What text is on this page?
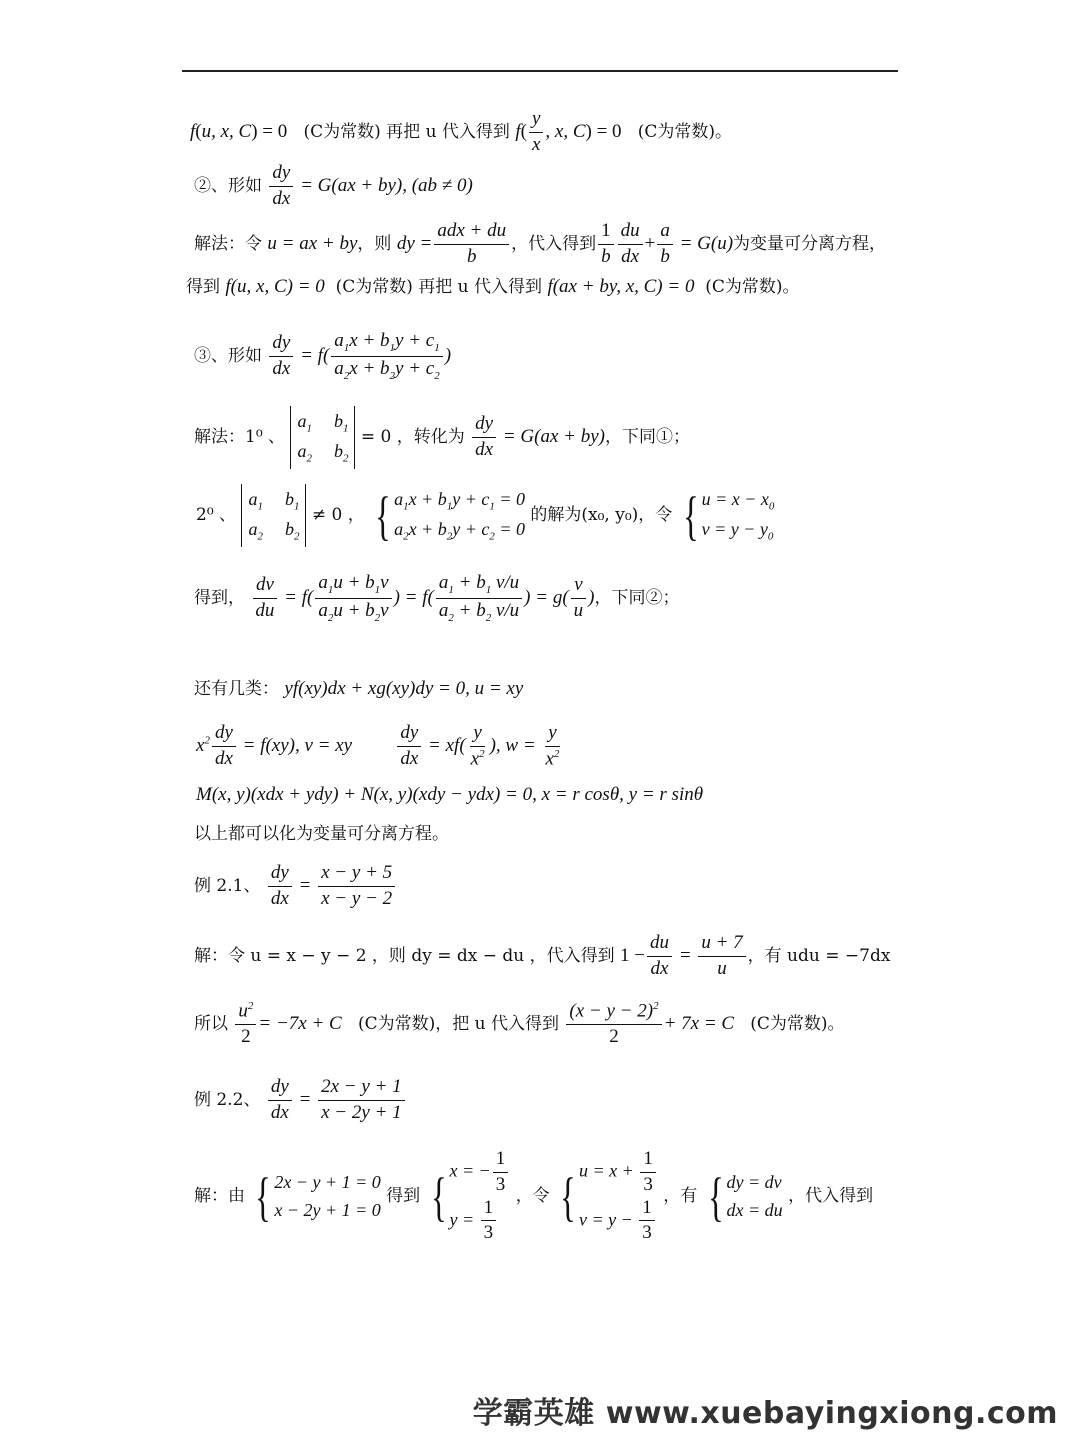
f(u, x, C) = 0 (C为常数) 再把 u 代入得到 $f( \frac{y}{x}$ , x, C) = 0 (C为常数)。
②、形如 $\frac{dy}{dx} = G(ax + by)$, (ab ≠ 0)
解法：令 u = ax + by，则 dy =
adx + du
b
，代入得到 $\frac{1}{b} \frac{du}{dx} + \frac{a}{b} = G(u)$为变量可分离方程，
得到 f(u, x, C) = 0 (C为常数) 再把 u 代入得到 f(ax + by, x, C) = 0 (C为常数)。
③、形如 $\frac{dy}{dx} = f( \frac{a_1x + b_1y + c_1}{a_2x + b_2y + c_2}$ )
解法：1⁰ 、
$a_1$ $b_1$
$a_2$ $b_2$
= 0 ，转化为 $\frac{dy}{dx} = G(ax + by)$，下同①；
2⁰ 、
$a_1$ $b_1$
$a_2$ $b_2$
≠ 0 ， { $a_1x + b_1y + c_1 = 0$
$a_2x + b_2y + c_2 = 0$
的解为(x₀, y₀)，令 { $u = x - x_0$
$v = y - y_0$
得到， $\frac{dv}{du} = f( \frac{a_1u + b_1v}{a_2u + b_2v}$ ) = $f( \frac{a_1 + b_1 v/u}{a_2 + b_2 v/u}$ ) = $g( \frac{v}{u}$ )，下同②；
还有几类： yf(xy)dx + xg(xy)dy = 0, u = xy
$x^2 \frac{dy}{dx} = f(xy)$, v = xy $\frac{dy}{dx} = xf( \frac{y}{x^2}$ ), $w = \frac{y}{x^2}$
M(x, y)(xdx + ydy) + N(x, y)(xdy − ydx) = 0, x = r cosθ, y = r sinθ
以上都可以化为变量可分离方程。
例 2.1、 $\frac{dy}{dx} = \frac{x - y + 5}{x - y - 2}$
解：令 u = x − y − 2 ，则 dy = dx − du ，代入得到 $1 - \frac{du}{dx} = \frac{u + 7}{u}$ ，有 udu = −7dx
所以 $\frac{u^2}{2} = -7x + C$ (C为常数)，把 u 代入得到 $\frac{(x - y - 2)^2}{2} + 7x = C$ (C为常数)。
例 2.2、 $\frac{dy}{dx} = \frac{2x - y + 1}{x - 2y + 1}$
解：由 { 2x − y + 1 = 0
x − 2y + 1 = 0
得到 { x = − $\frac{1}{3}$
$y = \frac{1}{3}$
，令 { $u = x + \frac{1}{3}$
$v = y - \frac{1}{3}$
，有 { dy = dv
dx = du
，代入得到
学霸英雄 www.xuebayingxiong.com
